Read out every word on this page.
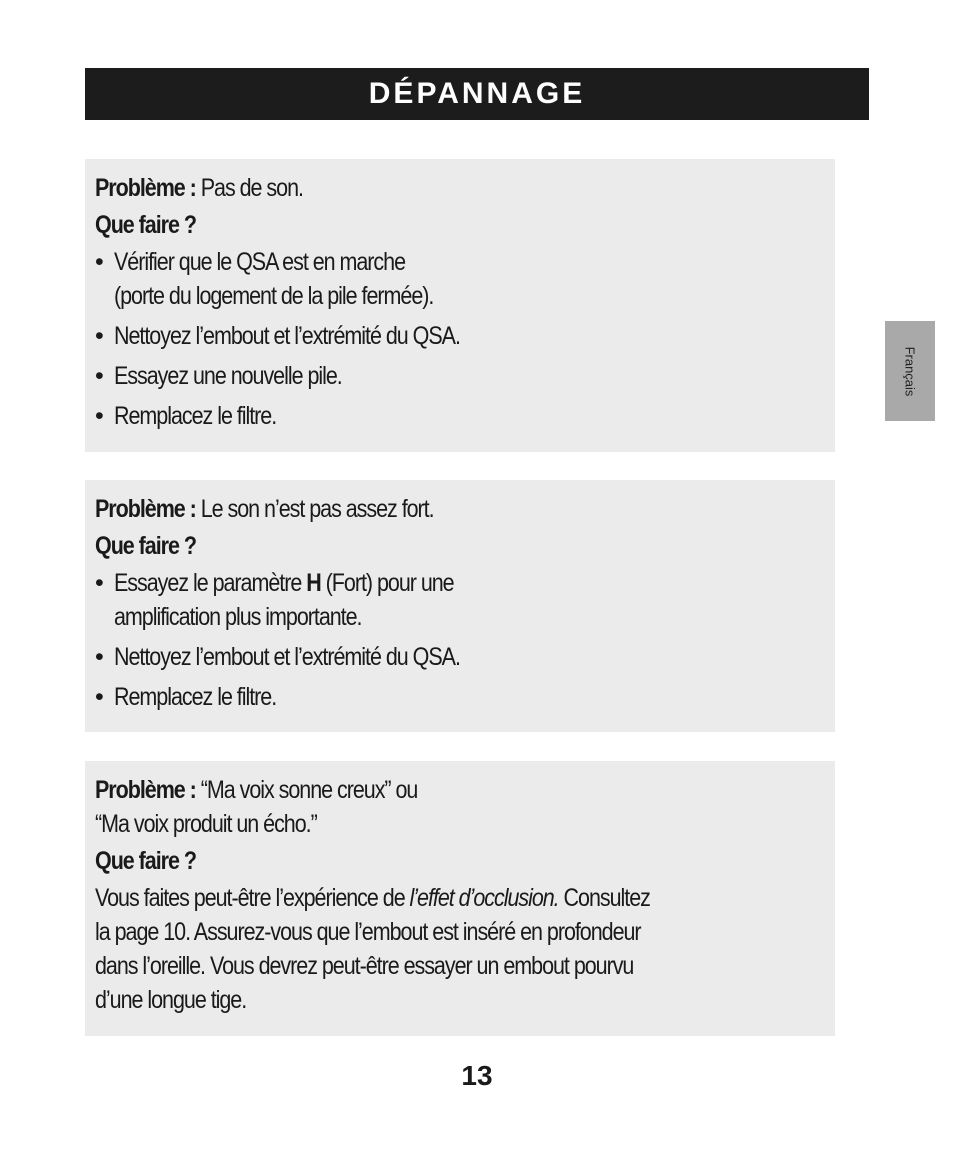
DÉPANNAGE
Problème : Pas de son.
Que faire ?
• Vérifier que le QSA est en marche
(porte du logement de la pile fermée).
• Nettoyez l’embout et l’extrémité du QSA.
• Essayez une nouvelle pile.
• Remplacez le filtre.
Problème : Le son n’est pas assez fort.
Que faire ?
• Essayez le paramètre H (Fort) pour une
amplification plus importante.
• Nettoyez l’embout et l’extrémité du QSA.
• Remplacez le filtre.
Problème : “Ma voix sonne creux” ou
“Ma voix produit un écho.”
Que faire ?
Vous faites peut-être l’expérience de l’effet d’occlusion. Consultez
la page 10. Assurez-vous que l’embout est inséré en profondeur
dans l’oreille. Vous devrez peut-être essayer un embout pourvu
d’une longue tige.
Français
13
